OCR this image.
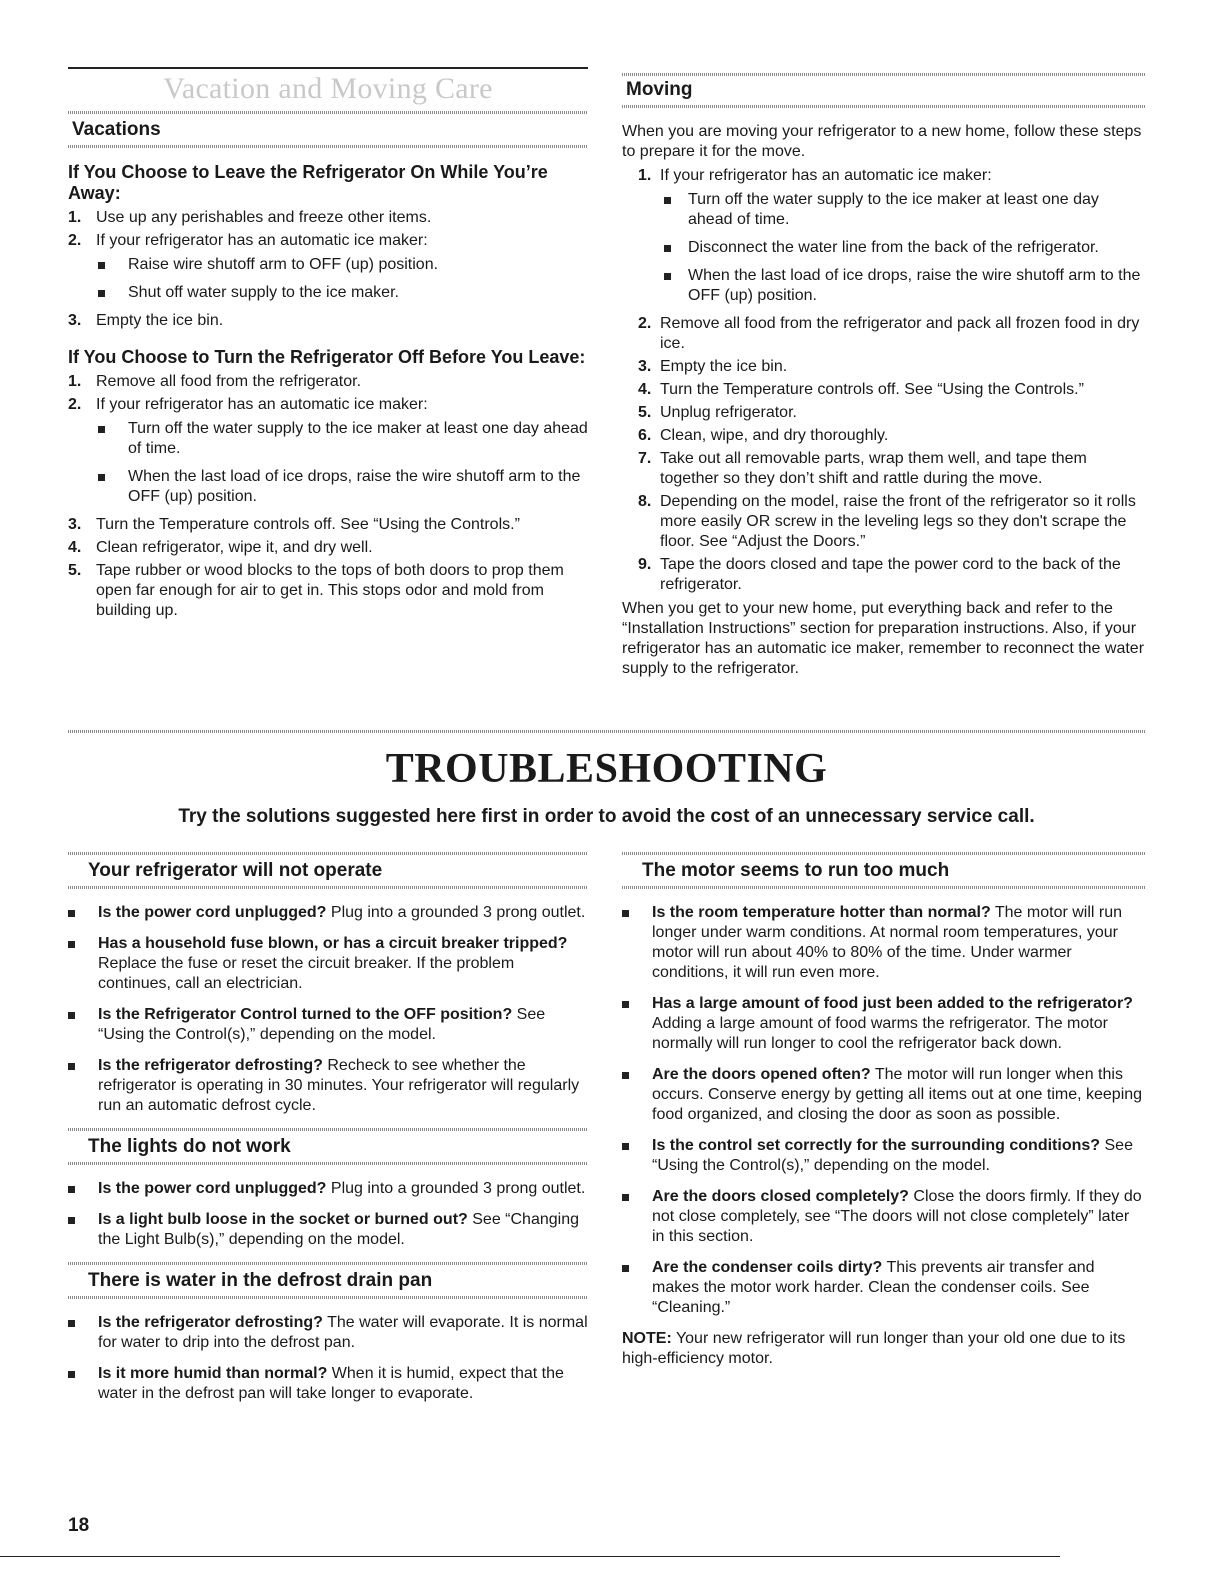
Vacation and Moving Care
Vacations
If You Choose to Leave the Refrigerator On While You’re Away:
1. Use up any perishables and freeze other items.
2. If your refrigerator has an automatic ice maker:
Raise wire shutoff arm to OFF (up) position.
Shut off water supply to the ice maker.
3. Empty the ice bin.
If You Choose to Turn the Refrigerator Off Before You Leave:
1. Remove all food from the refrigerator.
2. If your refrigerator has an automatic ice maker:
Turn off the water supply to the ice maker at least one day ahead of time.
When the last load of ice drops, raise the wire shutoff arm to the OFF (up) position.
3. Turn the Temperature controls off. See “Using the Controls.”
4. Clean refrigerator, wipe it, and dry well.
5. Tape rubber or wood blocks to the tops of both doors to prop them open far enough for air to get in. This stops odor and mold from building up.
Moving
When you are moving your refrigerator to a new home, follow these steps to prepare it for the move.
1. If your refrigerator has an automatic ice maker:
Turn off the water supply to the ice maker at least one day ahead of time.
Disconnect the water line from the back of the refrigerator.
When the last load of ice drops, raise the wire shutoff arm to the OFF (up) position.
2. Remove all food from the refrigerator and pack all frozen food in dry ice.
3. Empty the ice bin.
4. Turn the Temperature controls off. See “Using the Controls.”
5. Unplug refrigerator.
6. Clean, wipe, and dry thoroughly.
7. Take out all removable parts, wrap them well, and tape them together so they don’t shift and rattle during the move.
8. Depending on the model, raise the front of the refrigerator so it rolls more easily OR screw in the leveling legs so they don't scrape the floor. See “Adjust the Doors.”
9. Tape the doors closed and tape the power cord to the back of the refrigerator.
When you get to your new home, put everything back and refer to the “Installation Instructions” section for preparation instructions. Also, if your refrigerator has an automatic ice maker, remember to reconnect the water supply to the refrigerator.
TROUBLESHOOTING
Try the solutions suggested here first in order to avoid the cost of an unnecessary service call.
Your refrigerator will not operate
Is the power cord unplugged? Plug into a grounded 3 prong outlet.
Has a household fuse blown, or has a circuit breaker tripped? Replace the fuse or reset the circuit breaker. If the problem continues, call an electrician.
Is the Refrigerator Control turned to the OFF position? See “Using the Control(s),” depending on the model.
Is the refrigerator defrosting? Recheck to see whether the refrigerator is operating in 30 minutes. Your refrigerator will regularly run an automatic defrost cycle.
The lights do not work
Is the power cord unplugged? Plug into a grounded 3 prong outlet.
Is a light bulb loose in the socket or burned out? See “Changing the Light Bulb(s),” depending on the model.
There is water in the defrost drain pan
Is the refrigerator defrosting? The water will evaporate. It is normal for water to drip into the defrost pan.
Is it more humid than normal? When it is humid, expect that the water in the defrost pan will take longer to evaporate.
The motor seems to run too much
Is the room temperature hotter than normal? The motor will run longer under warm conditions. At normal room temperatures, your motor will run about 40% to 80% of the time. Under warmer conditions, it will run even more.
Has a large amount of food just been added to the refrigerator? Adding a large amount of food warms the refrigerator. The motor normally will run longer to cool the refrigerator back down.
Are the doors opened often? The motor will run longer when this occurs. Conserve energy by getting all items out at one time, keeping food organized, and closing the door as soon as possible.
Is the control set correctly for the surrounding conditions? See “Using the Control(s),” depending on the model.
Are the doors closed completely? Close the doors firmly. If they do not close completely, see “The doors will not close completely” later in this section.
Are the condenser coils dirty? This prevents air transfer and makes the motor work harder. Clean the condenser coils. See “Cleaning.”
NOTE: Your new refrigerator will run longer than your old one due to its high-efficiency motor.
18
